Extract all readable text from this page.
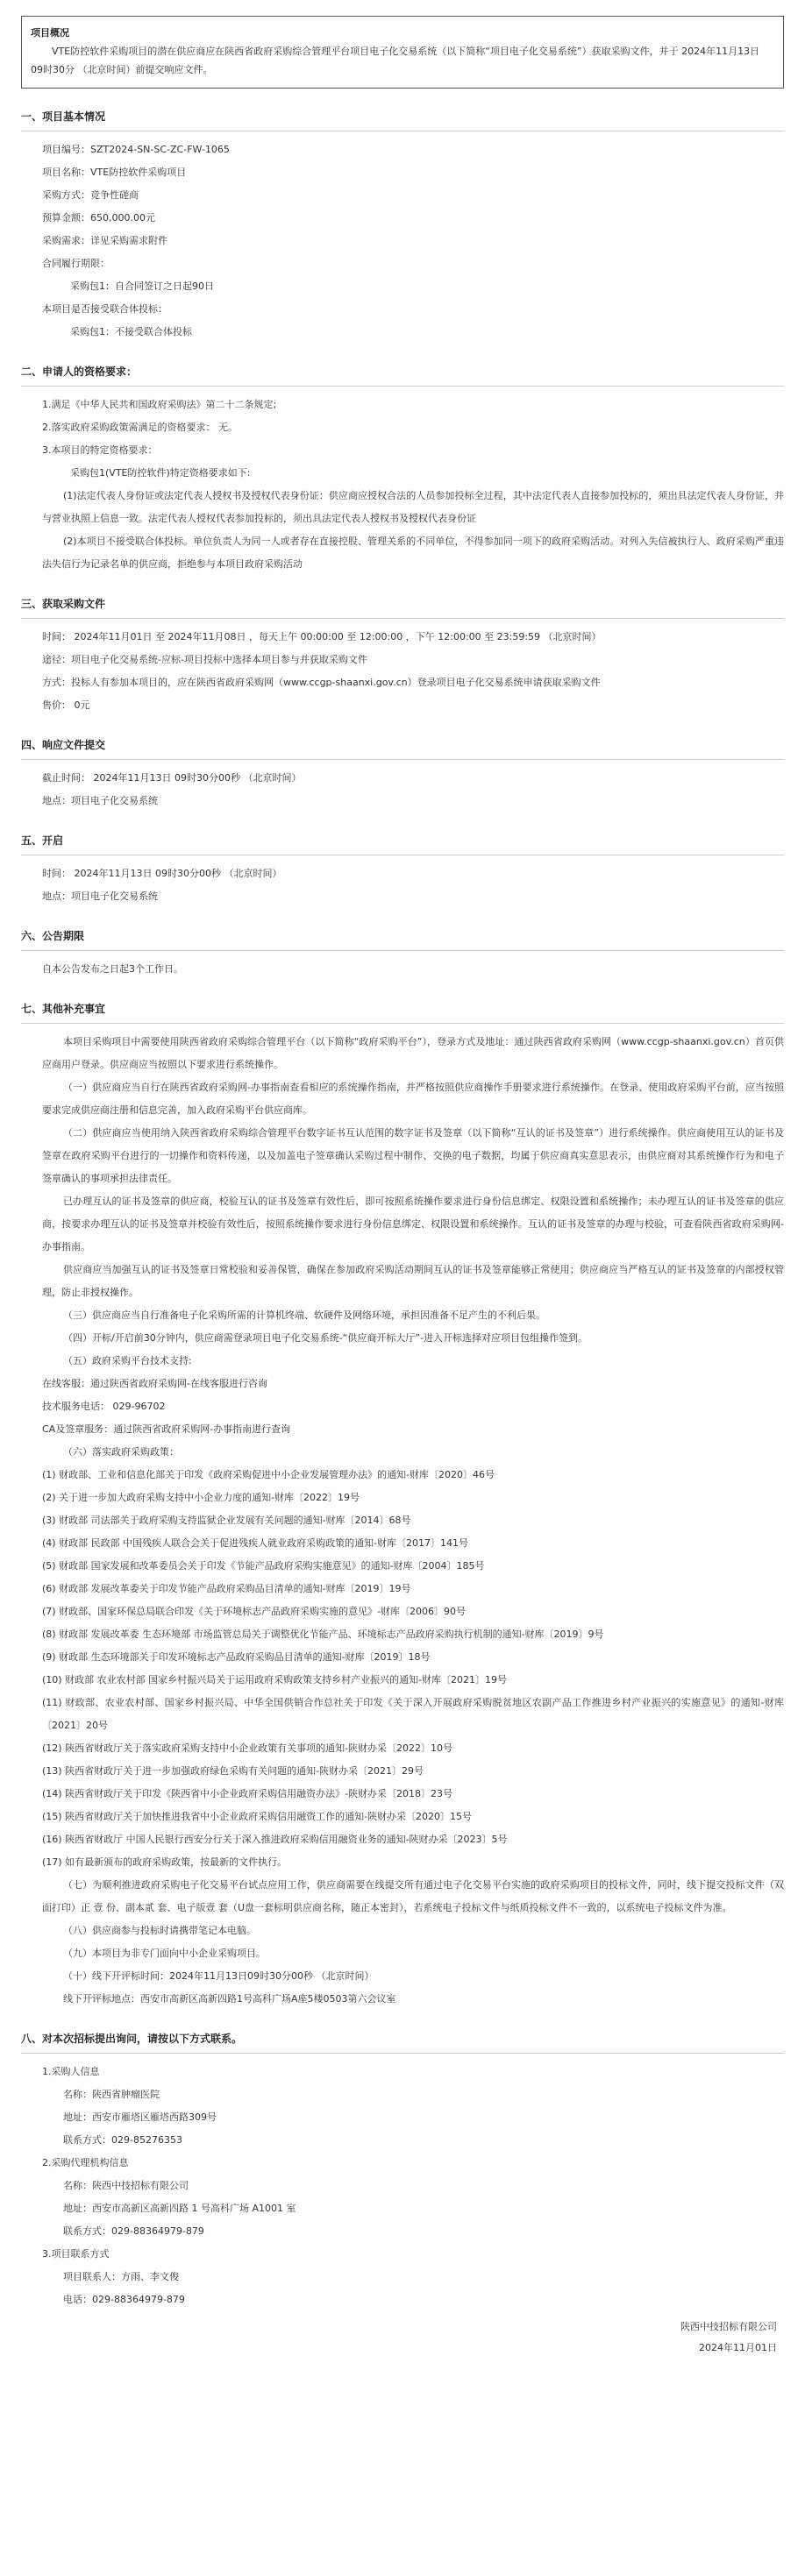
项目概况
VTE防控软件采购项目的潜在供应商应在陕西省政府采购综合管理平台项目电子化交易系统（以下简称“项目电子化交易系统”）获取采购文件，并于 2024年11月13日 09时30分 （北京时间）前提交响应文件。
一、项目基本情况
项目编号：SZT2024-SN-SC-ZC-FW-1065
项目名称：VTE防控软件采购项目
采购方式：竞争性磋商
预算金额：650,000.00元
采购需求：详见采购需求附件
合同履行期限：
采购包1：自合同签订之日起90日
本项目是否接受联合体投标：
采购包1：不接受联合体投标
二、申请人的资格要求：
1.满足《中华人民共和国政府采购法》第二十二条规定;
2.落实政府采购政策需满足的资格要求： 无。
3.本项目的特定资格要求：
采购包1(VTE防控软件)特定资格要求如下:
(1)法定代表人身份证或法定代表人授权书及授权代表身份证：供应商应授权合法的人员参加投标全过程，其中法定代表人直接参加投标的，须出具法定代表人身份证，并与营业执照上信息一致。法定代表人授权代表参加投标的，须出具法定代表人授权书及授权代表身份证
(2)本项目不接受联合体投标。单位负责人为同一人或者存在直接控股、管理关系的不同单位，不得参加同一项下的政府采购活动。对列入失信被执行人、政府采购严重违法失信行为记录名单的供应商，拒绝参与本项目政府采购活动
三、获取采购文件
时间： 2024年11月01日 至 2024年11月08日 ，每天上午 00:00:00 至 12:00:00 ，下午 12:00:00 至 23:59:59 （北京时间）
途径：项目电子化交易系统-应标-项目投标中选择本项目参与并获取采购文件
方式：投标人有参加本项目的，应在陕西省政府采购网（www.ccgp-shaanxi.gov.cn）登录项目电子化交易系统申请获取采购文件
售价： 0元
四、响应文件提交
截止时间： 2024年11月13日 09时30分00秒 （北京时间）
地点：项目电子化交易系统
五、开启
时间： 2024年11月13日 09时30分00秒 （北京时间）
地点：项目电子化交易系统
六、公告期限
自本公告发布之日起3个工作日。
七、其他补充事宜
本项目采购项目中需要使用陕西省政府采购综合管理平台（以下简称“政府采购平台”），登录方式及地址：通过陕西省政府采购网（www.ccgp-shaanxi.gov.cn）首页供应商用户登录。供应商应当按照以下要求进行系统操作。
（一）供应商应当自行在陕西省政府采购网-办事指南查看相应的系统操作指南，并严格按照供应商操作手册要求进行系统操作。在登录、使用政府采购平台前，应当按照要求完成供应商注册和信息完善，加入政府采购平台供应商库。
（二）供应商应当使用纳入陕西省政府采购综合管理平台数字证书互认范围的数字证书及签章（以下简称“互认的证书及签章”）进行系统操作。供应商使用互认的证书及签章在政府采购平台进行的一切操作和资料传递，以及加盖电子签章确认采购过程中制作、交换的电子数据，均属于供应商真实意思表示，由供应商对其系统操作行为和电子签章确认的事项承担法律责任。
已办理互认的证书及签章的供应商，校验互认的证书及签章有效性后，即可按照系统操作要求进行身份信息绑定、权限设置和系统操作；未办理互认的证书及签章的供应商，按要求办理互认的证书及签章并校验有效性后，按照系统操作要求进行身份信息绑定、权限设置和系统操作。互认的证书及签章的办理与校验，可查看陕西省政府采购网-办事指南。
供应商应当加强互认的证书及签章日常校验和妥善保管，确保在参加政府采购活动期间互认的证书及签章能够正常使用；供应商应当严格互认的证书及签章的内部授权管理，防止非授权操作。
（三）供应商应当自行准备电子化采购所需的计算机终端、软硬件及网络环境，承担因准备不足产生的不利后果。
（四）开标/开启前30分钟内，供应商需登录项目电子化交易系统-“供应商开标大厅”-进入开标选择对应项目包组操作签到。
（五）政府采购平台技术支持:
在线客服：通过陕西省政府采购网-在线客服进行咨询
技术服务电话： 029-96702
CA及签章服务：通过陕西省政府采购网-办事指南进行查询
（六）落实政府采购政策：
(1) 财政部、工业和信息化部关于印发《政府采购促进中小企业发展管理办法》的通知-财库〔2020〕46号
(2) 关于进一步加大政府采购支持中小企业力度的通知-财库〔2022〕19号
(3) 财政部 司法部关于政府采购支持监狱企业发展有关问题的通知-财库〔2014〕68号
(4) 财政部 民政部 中国残疾人联合会关于促进残疾人就业政府采购政策的通知-财库〔2017〕141号
(5) 财政部 国家发展和改革委员会关于印发《节能产品政府采购实施意见》的通知-财库〔2004〕185号
(6) 财政部 发展改革委关于印发节能产品政府采购品目清单的通知-财库〔2019〕19号
(7) 财政部、国家环保总局联合印发《关于环境标志产品政府采购实施的意见》-财库〔2006〕90号
(8) 财政部 发展改革委 生态环境部 市场监管总局关于调整优化节能产品、环境标志产品政府采购执行机制的通知-财库〔2019〕9号
(9) 财政部 生态环境部关于印发环境标志产品政府采购品目清单的通知-财库〔2019〕18号
(10) 财政部 农业农村部 国家乡村振兴局关于运用政府采购政策支持乡村产业振兴的通知-财库〔2021〕19号
(11) 财政部、农业农村部、国家乡村振兴局、中华全国供销合作总社关于印发《关于深入开展政府采购脱贫地区农副产品工作推进乡村产业振兴的实施意见》的通知-财库〔2021〕20号
(12) 陕西省财政厅关于落实政府采购支持中小企业政策有关事项的通知-陕财办采〔2022〕10号
(13) 陕西省财政厅关于进一步加强政府绿色采购有关问题的通知-陕财办采〔2021〕29号
(14) 陕西省财政厅关于印发《陕西省中小企业政府采购信用融资办法》-陕财办采〔2018〕23号
(15) 陕西省财政厅关于加快推进我省中小企业政府采购信用融资工作的通知-陕财办采〔2020〕15号
(16) 陕西省财政厅 中国人民银行西安分行关于深入推进政府采购信用融资业务的通知-陕财办采〔2023〕5号
(17) 如有最新颁布的政府采购政策，按最新的文件执行。
（七）为顺利推进政府采购电子化交易平台试点应用工作，供应商需要在线提交所有通过电子化交易平台实施的政府采购项目的投标文件，同时，线下提交投标文件（双面打印）正 壹 份、副本贰 套、电子版壹 套（U盘一套标明供应商名称，随正本密封），若系统电子投标文件与纸质投标文件不一致的，以系统电子投标文件为准。
（八）供应商参与投标时请携带笔记本电脑。
（九）本项目为非专门面向中小企业采购项目。
（十）线下开评标时间：2024年11月13日09时30分00秒 （北京时间）
线下开评标地点：西安市高新区高新四路1号高科广场A座5楼0503第六会议室
八、对本次招标提出询问，请按以下方式联系。
1.采购人信息
名称：陕西省肿瘤医院
地址：西安市雁塔区雁塔西路309号
联系方式：029-85276353
2.采购代理机构信息
名称：陕西中技招标有限公司
地址：西安市高新区高新四路 1 号高科广场 A1001 室
联系方式：029-88364979-879
3.项目联系方式
项目联系人：方雨、李文俊
电话：029-88364979-879
陕西中技招标有限公司
2024年11月01日
